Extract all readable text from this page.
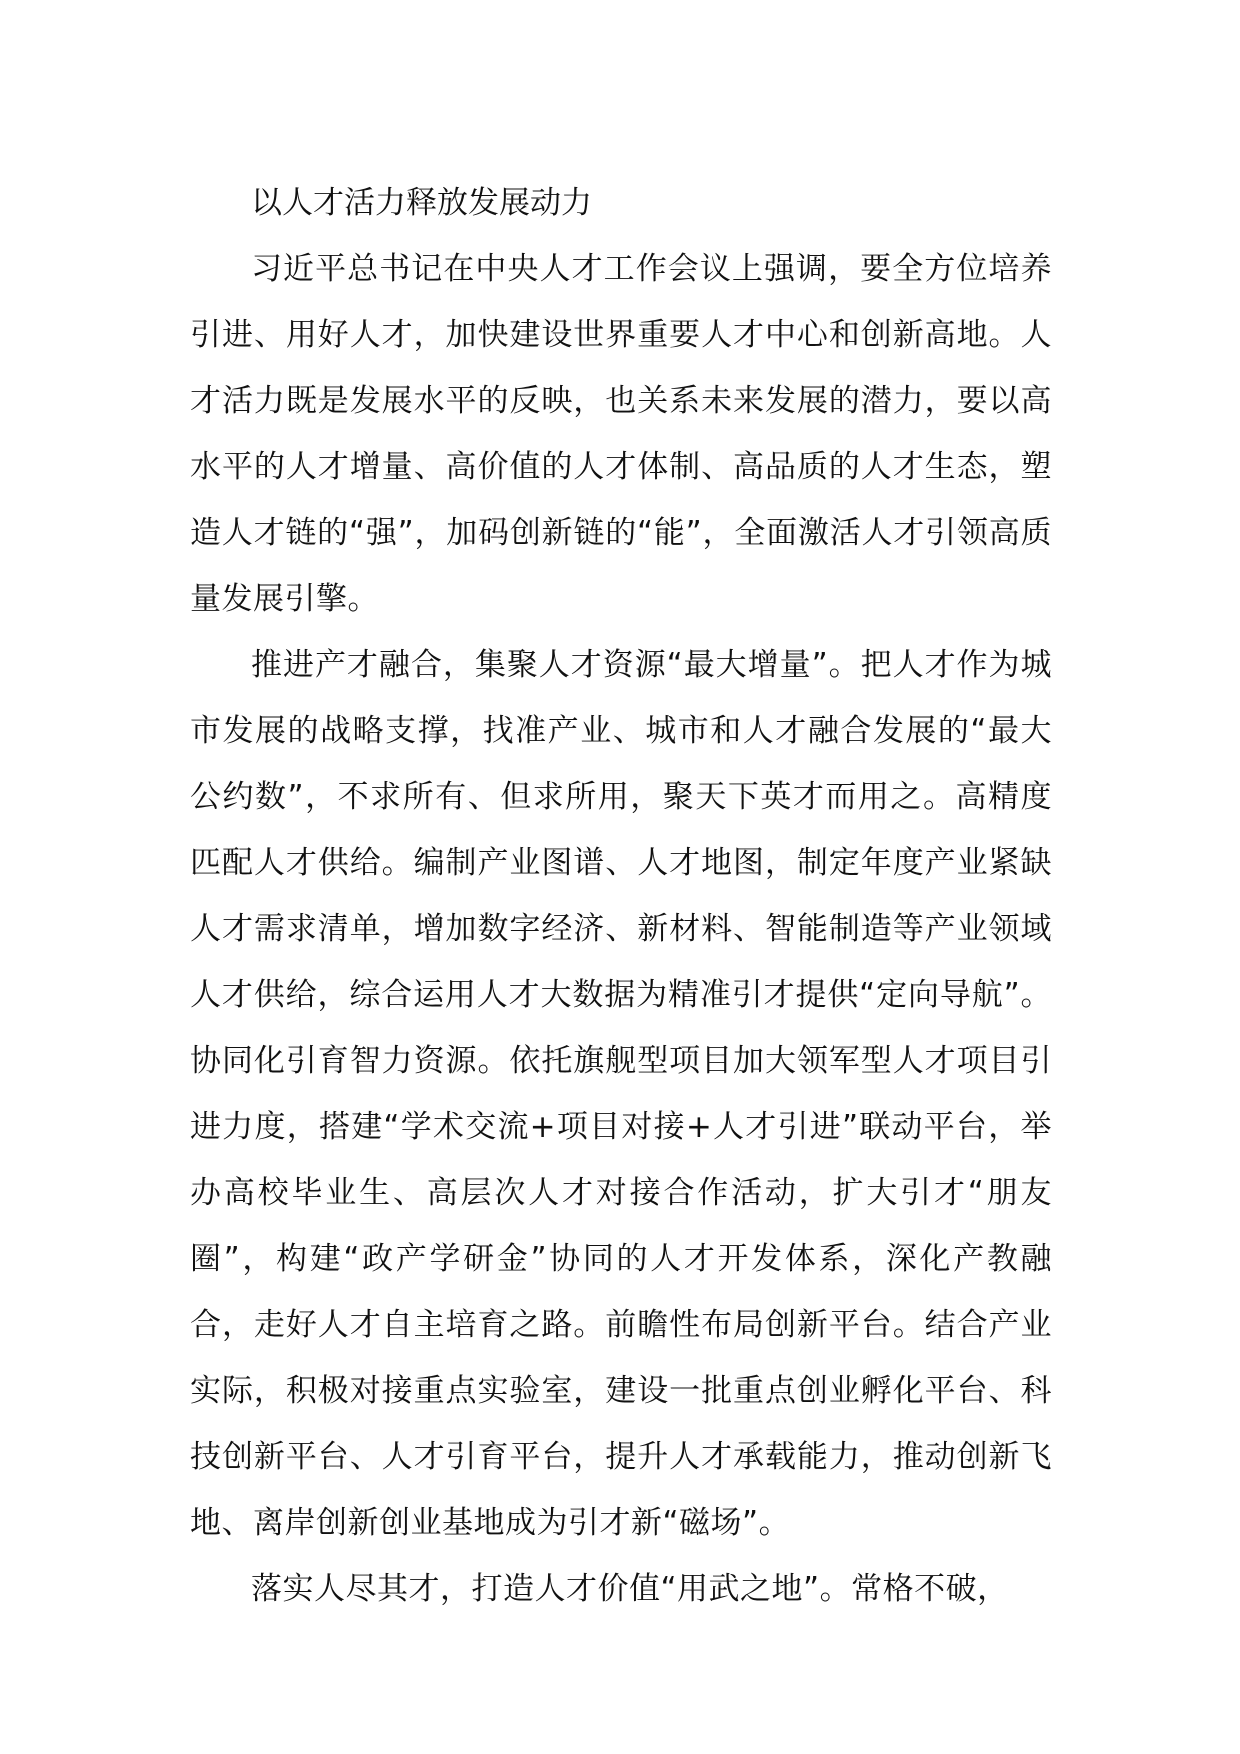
以人才活力释放发展动力

习近平总书记在中央人才工作会议上强调，要全方位培养引进、用好人才，加快建设世界重要人才中心和创新高地。人才活力既是发展水平的反映，也关系未来发展的潜力，要以高水平的人才增量、高价值的人才体制、高品质的人才生态，塑造人才链的“强”，加码创新链的“能”，全面激活人才引领高质量发展引擎。

推进产才融合，集聚人才资源“最大增量”。把人才作为城市发展的战略支撑，找准产业、城市和人才融合发展的“最大公约数”，不求所有、但求所用，聚天下英才而用之。高精度匹配人才供给。编制产业图谱、人才地图，制定年度产业紧缺人才需求清单，增加数字经济、新材料、智能制造等产业领域人才供给，综合运用人才大数据为精准引才提供“定向导航”。协同化引育智力资源。依托旗舰型项目加大领军型人才项目引进力度，搭建“学术交流+项目对接+人才引进”联动平台，举办高校毕业生、高层次人才对接合作活动，扩大引才“朋友圈”，构建“政产学研金”协同的人才开发体系，深化产教融合，走好人才自主培育之路。前瞻性布局创新平台。结合产业实际，积极对接重点实验室，建设一批重点创业孵化平台、科技创新平台、人才引育平台，提升人才承载能力，推动创新飞地、离岸创新创业基地成为引才新“磁场”。

落实人尽其才，打造人才价值“用武之地”。常格不破，
